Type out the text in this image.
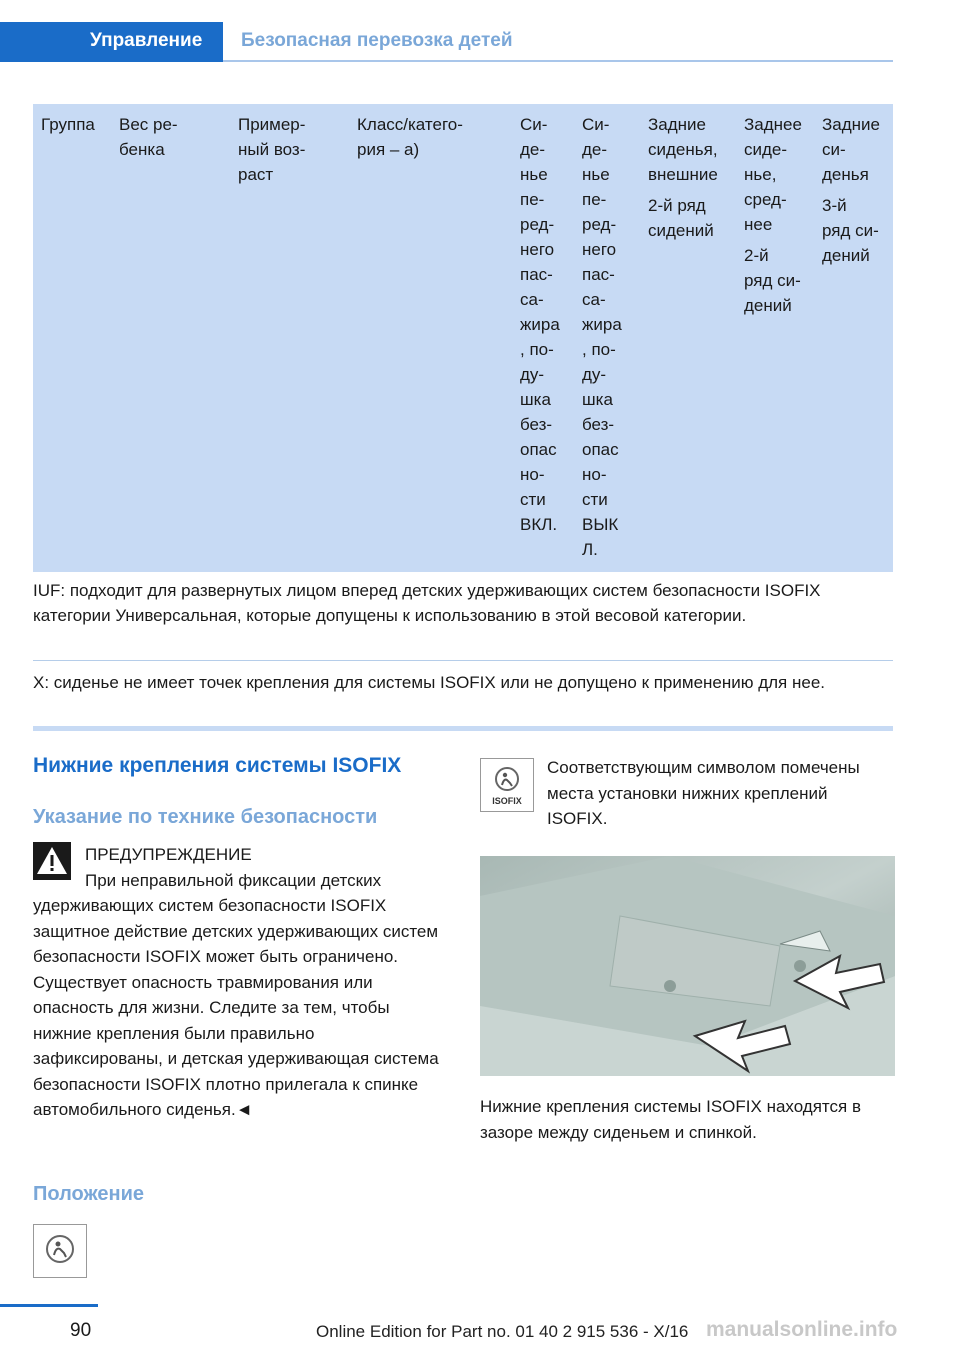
Управление Безопасная перевозка детей
Группа Вес ре-
бенка
Пример-
ный воз-
раст
Класс/катего-
рия – а)
Си-
де-
нье
пе-
ред-
него
пас-
са-
жира
, по-
ду-
шка
без-
опас
но-
сти
ВКЛ.
Си-
де-
нье
пе-
ред-
него
пас-
са-
жира
, по-
ду-
шка
без-
опас
но-
сти
ВЫК
Л.
Задние
сиденья,
внешние
2-й ряд
сидений
Заднее
сиде-
нье,
сред-
нее
2-й
ряд си-
дений
Задние
си-
денья
3-й
ряд си-
дений
IUF: подходит для развернутых лицом вперед детских удерживающих систем безопасности ISOFIX категории Универсальная, которые допущены к использованию в этой весовой категории.
X: сиденье не имеет точек крепления для системы ISOFIX или не допущено к применению для нее.
Нижние крепления системы ISOFIX
Указание по технике безопасности
ПРЕДУПРЕЖДЕНИЕ
При неправильной фиксации детских удерживающих систем безопасности ISOFIX защитное действие детских удерживающих систем безопасности ISOFIX может быть ограничено. Существует опасность травмирования или опасность для жизни. Следите за тем, чтобы нижние крепления были правильно зафиксированы, и детская удерживающая система безопасности ISOFIX плотно прилегала к спинке автомобильного сиденья.◄
Положение
ISOFIX
Соответствующим символом помечены места установки нижних креплений ISOFIX.
Нижние крепления системы ISOFIX находятся в зазоре между сиденьем и спинкой.
90	Online Edition for Part no. 01 40 2 915 536 - X/16 manualsonline.info
